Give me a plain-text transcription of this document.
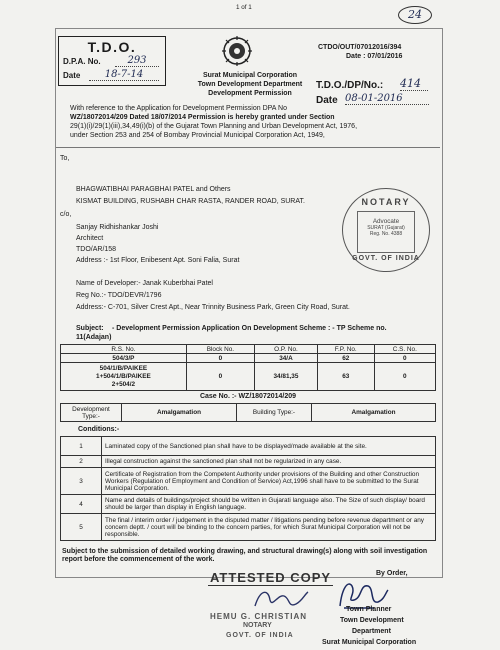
1 of 1
24
T.D.O.
D.P.A. No.	293
Date	18-7-14
CTDO/OUT/07012016/394
Date : 07/01/2016
Surat Municipal Corporation
Town Development Department
Development Permission
T.D.O./DP/No.: 414
Date 08-01-2016
With reference to the Application for Development Permission DPA No
WZ/18072014/209 Dated 18/07/2014 Permission is hereby granted under Section
29(1)(i)/29(1)(iii),34,49(i)(b) of the Gujarat Town Planning and Urban Development Act, 1976,
under Section 253 and 254 of Bombay Provincial Municipal Corporation Act, 1949,
To,
BHAGWATIBHAI PARAGBHAI PATEL and Others
KISMAT BUILDING, RUSHABH CHAR RASTA, RANDER ROAD, SURAT.
c/o,
Sanjay Ridhishankar Joshi
Architect
TDO/AR/158
Address :- 1st Floor, Enibesent Apt. Soni Falia, Surat
NOTARY
Advocate
SURAT (Gujarat)
Reg. No. 4388
GOVT. OF INDIA
Name of Developer:- Janak Kuberbhai Patel
Reg No.:- TDO/DEVR/1796
Address:- C-701, Silver Crest Apt., Near Trinnity Business Park, Green City Road, Surat.
Subject: - Development Permission Application On Development Scheme : - TP Scheme no.
11(Adajan)
R.S. No.	Block No.	O.P. No.	F.P. No.	C.S. No.
504/3/P	0	34/A	62	0
504/1/B/PAIKEE
1+504/1/B/PAIKEE
2+504/2	0	34/81,35	63	0
Case No. :- WZ/18072014/209
Development Type:-	Amalgamation	Building Type:-	Amalgamation
Conditions:-
1	Laminated copy of the Sanctioned plan shall have to be displayed/made available at the site.
2	Illegal construction against the sanctioned plan shall not be regularized in any case.
3	Certificate of Registration from the Competent Authority under provisions of the Building and other Construction Workers (Regulation of Employment and Condition of Service) Act,1996 shall have to be submitted to the Surat Municipal Corporation.
4	Name and details of buildings/project should be written in Gujarati language also. The Size of such display/ board should be larger than display in English language.
5	The final / interim order / judgement in the disputed matter / litigations pending before revenue department or any concern deptt. / court will be binding to the concern parties, for which Surat Municipal Corporation will not be responsible.
Subject to the submission of detailed working drawing, and structural drawing(s) along with soil investigation report before the commencement of the work.
ATTESTED COPY
HEMU G. CHRISTIAN
NOTARY
GOVT. OF INDIA
By Order,
Town Planner
Town Development
Department
Surat Municipal Corporation
